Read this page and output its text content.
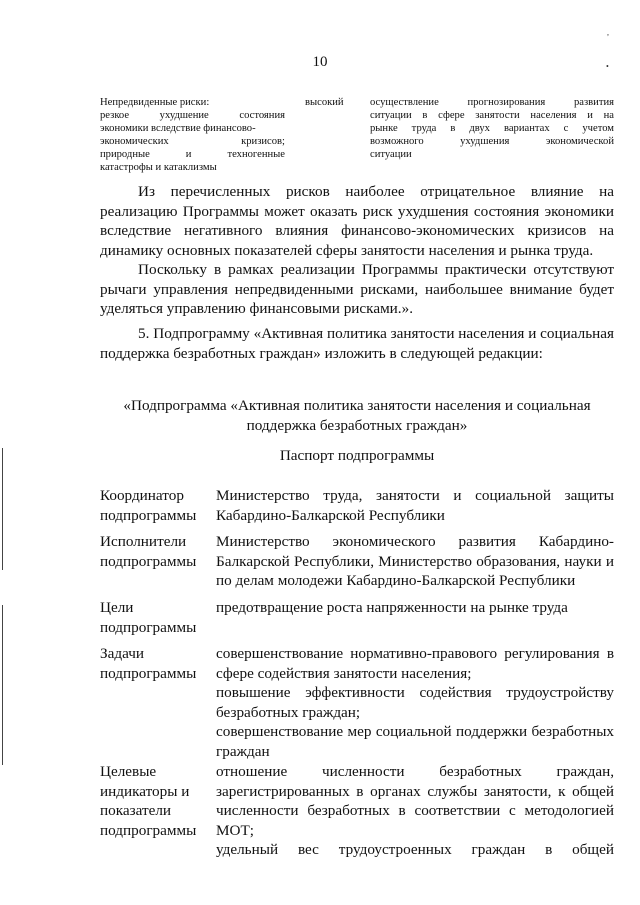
,
•
10
Непредвиденные риски:
резкое ухудшение состояния
экономики вследствие финансово-
экономических кризисов;
природные и техногенные
катастрофы и катаклизмы
высокий	осуществление прогнозирования развития
ситуации в сфере занятости населения и на
рынке труда в двух вариантах с учетом
возможного ухудшения экономической
ситуации

Из перечисленных рисков наиболее отрицательное влияние на реализацию Программы может оказать риск ухудшения состояния экономики вследствие негативного влияния финансово-экономических кризисов на динамику основных показателей сферы занятости населения и рынка труда.

Поскольку в рамках реализации Программы практически отсутствуют рычаги управления непредвиденными рисками, наибольшее внимание будет уделяться управлению финансовыми рисками.».

5. Подпрограмму «Активная политика занятости населения и социальная поддержка безработных граждан» изложить в следующей редакции:

«Подпрограмма «Активная политика занятости населения и социальная поддержка безработных граждан»
Паспорт подпрограммы
Координатор подпрограммы
Министерство труда, занятости и социальной защиты Кабардино-Балкарской Республики
Исполнители подпрограммы
Министерство экономического развития Кабардино-Балкарской Республики, Министерство образования, науки и по делам молодежи Кабардино-Балкарской Республики
Цели подпрограммы
предотвращение роста напряженности на рынке труда
Задачи подпрограммы
совершенствование нормативно-правового регулирования в сфере содействия занятости населения;
повышение эффективности содействия трудоустройству безработных граждан;
совершенствование мер социальной поддержки безработных граждан
Целевые индикаторы и показатели подпрограммы
отношение численности безработных граждан, зарегистрированных в органах службы занятости, к общей численности безработных в соответствии с методологией МОТ;
удельный вес трудоустроенных граждан в общей
